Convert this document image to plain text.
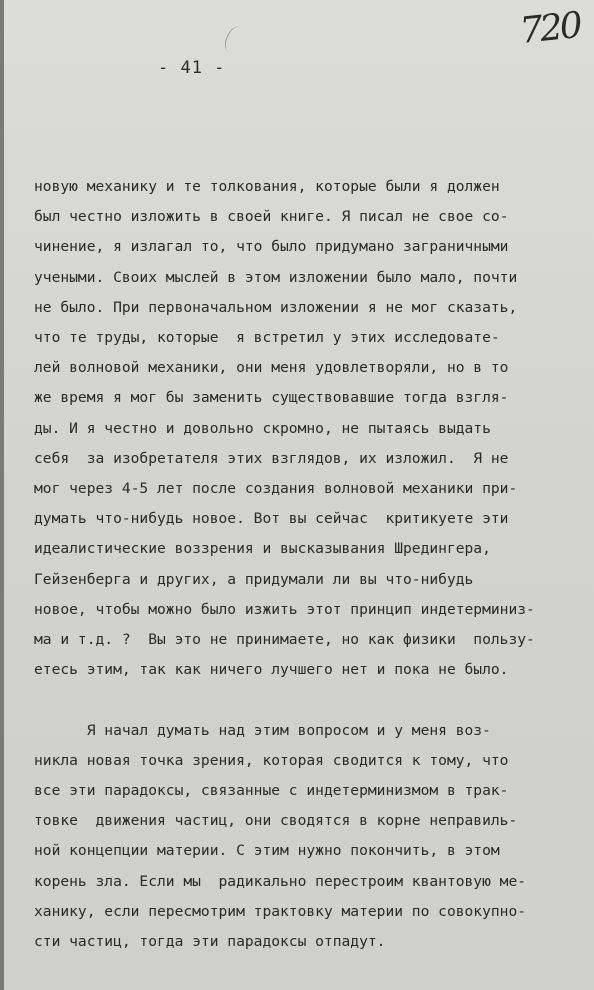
720
- 41 -
новую механику и те толкования, которые были я должен
был честно изложить в своей книге. Я писал не свое со-
чинение, я излагал то, что было придумано заграничными
учеными. Своих мыслей в этом изложении было мало, почти
не было. При первоначальном изложении я не мог сказать,
что те труды, которые  я встретил у этих исследовате-
лей волновой механики, они меня удовлетворяли, но в то
же время я мог бы заменить существовавшие тогда взгля-
ды. И я честно и довольно скромно, не пытаясь выдать
себя  за изобретателя этих взглядов, их изложил.  Я не
мог через 4-5 лет после создания волновой механики при-
думать что-нибудь новое. Вот вы сейчас  критикуете эти
идеалистические воззрения и высказывания Шредингера,
Гейзенберга и других, а придумали ли вы что-нибудь
новое, чтобы можно было изжить этот принцип индетерминиз-
ма и т.д. ?  Вы это не принимаете, но как физики  пользу-
етесь этим, так как ничего лучшего нет и пока не было.

Я начал думать над этим вопросом и у меня воз-
никла новая точка зрения, которая сводится к тому, что
все эти парадоксы, связанные с индетерминизмом в трак-
товке  движения частиц, они сводятся в корне неправиль-
ной концепции материи. С этим нужно покончить, в этом
корень зла. Если мы  радикально перестроим квантовую ме-
ханику, если пересмотрим трактовку материи по совокупно-
сти частиц, тогда эти парадоксы отпадут.
